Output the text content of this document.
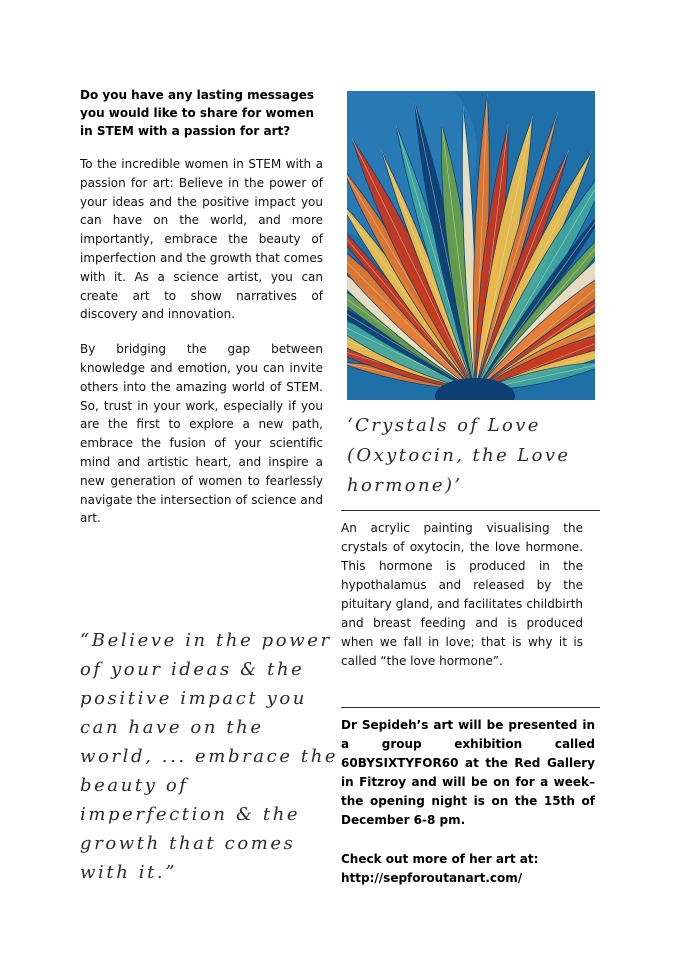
Do you have any lasting messages you would like to share for women in STEM with a passion for art?

To the incredible women in STEM with a passion for art: Believe in the power of your ideas and the positive impact you can have on the world, and more importantly, embrace the beauty of imperfection and the growth that comes with it. As a science artist, you can create art to show narratives of discovery and innovation.

By bridging the gap between knowledge and emotion, you can invite others into the amazing world of STEM. So, trust in your work, especially if you are the first to explore a new path, embrace the fusion of your scientific mind and artistic heart, and inspire a new generation of women to fearlessly navigate the intersection of science and art.

“Believe in the power of your ideas & the positive impact you can have on the world, ... embrace the beauty of imperfection & the growth that comes with it.”

‘Crystals of Love (Oxytocin, the Love hormone)’

An acrylic painting visualising the crystals of oxytocin, the love hormone. This hormone is produced in the hypothalamus and released by the pituitary gland, and facilitates childbirth and breast feeding and is produced when we fall in love; that is why it is called “the love hormone”.

Dr Sepideh’s art will be presented in a group exhibition called 60BYSIXTYFOR60 at the Red Gallery in Fitzroy and will be on for a week– the opening night is on the 15th of December 6-8 pm.

Check out more of her art at:
http://sepforoutanart.com/
